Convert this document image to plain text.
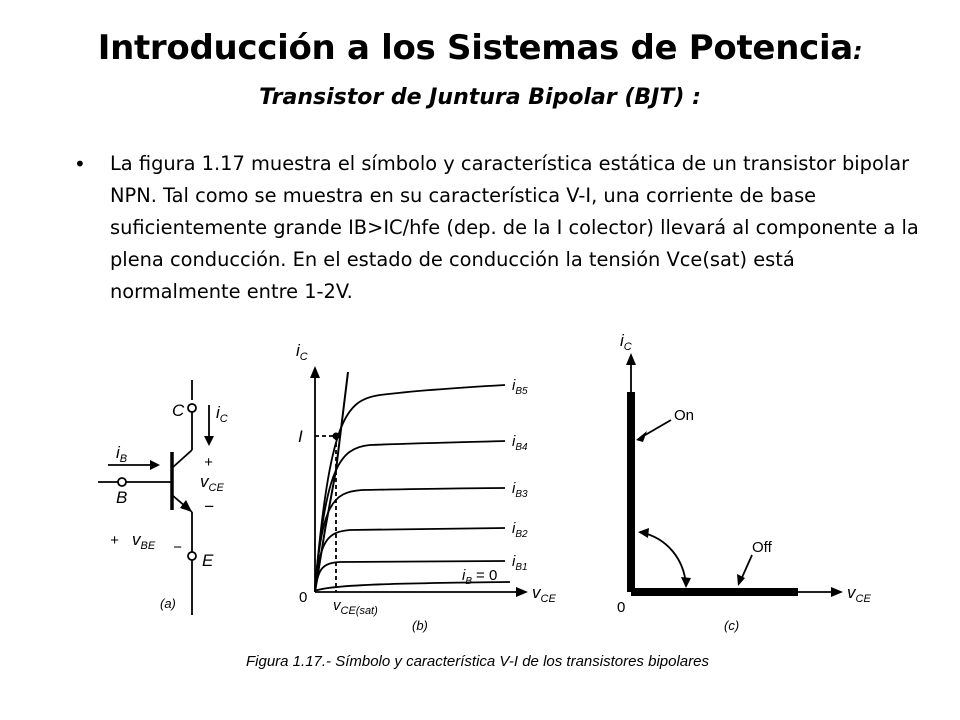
Introducción a los Sistemas de Potencia:
Transistor de Juntura Bipolar (BJT) :
• La figura 1.17 muestra el símbolo y característica estática de un transistor bipolar NPN. Tal como se muestra en su característica V-I, una corriente de base suficientemente grande IB>IC/hfe (dep. de la I colector) llevará al componente a la plena conducción. En el estado de conducción la tensión Vce(sat) está normalmente entre 1-2V.
C $i_C$
$i_B$
B
+
$v_{CE}$
−
+ $v_{BE}$ −
E
(a)
$i_C$
I
0
$i_{B5}$
$i_{B4}$
$i_{B3}$
$i_{B2}$
$i_{B1}$
$i_B = 0$
$v_{CE}$
$v_{CE(sat)}$
(b)
$i_C$
On
Off
0
$v_{CE}$
(c)
Figura 1.17.- Símbolo y característica V-I de los transistores bipolares
